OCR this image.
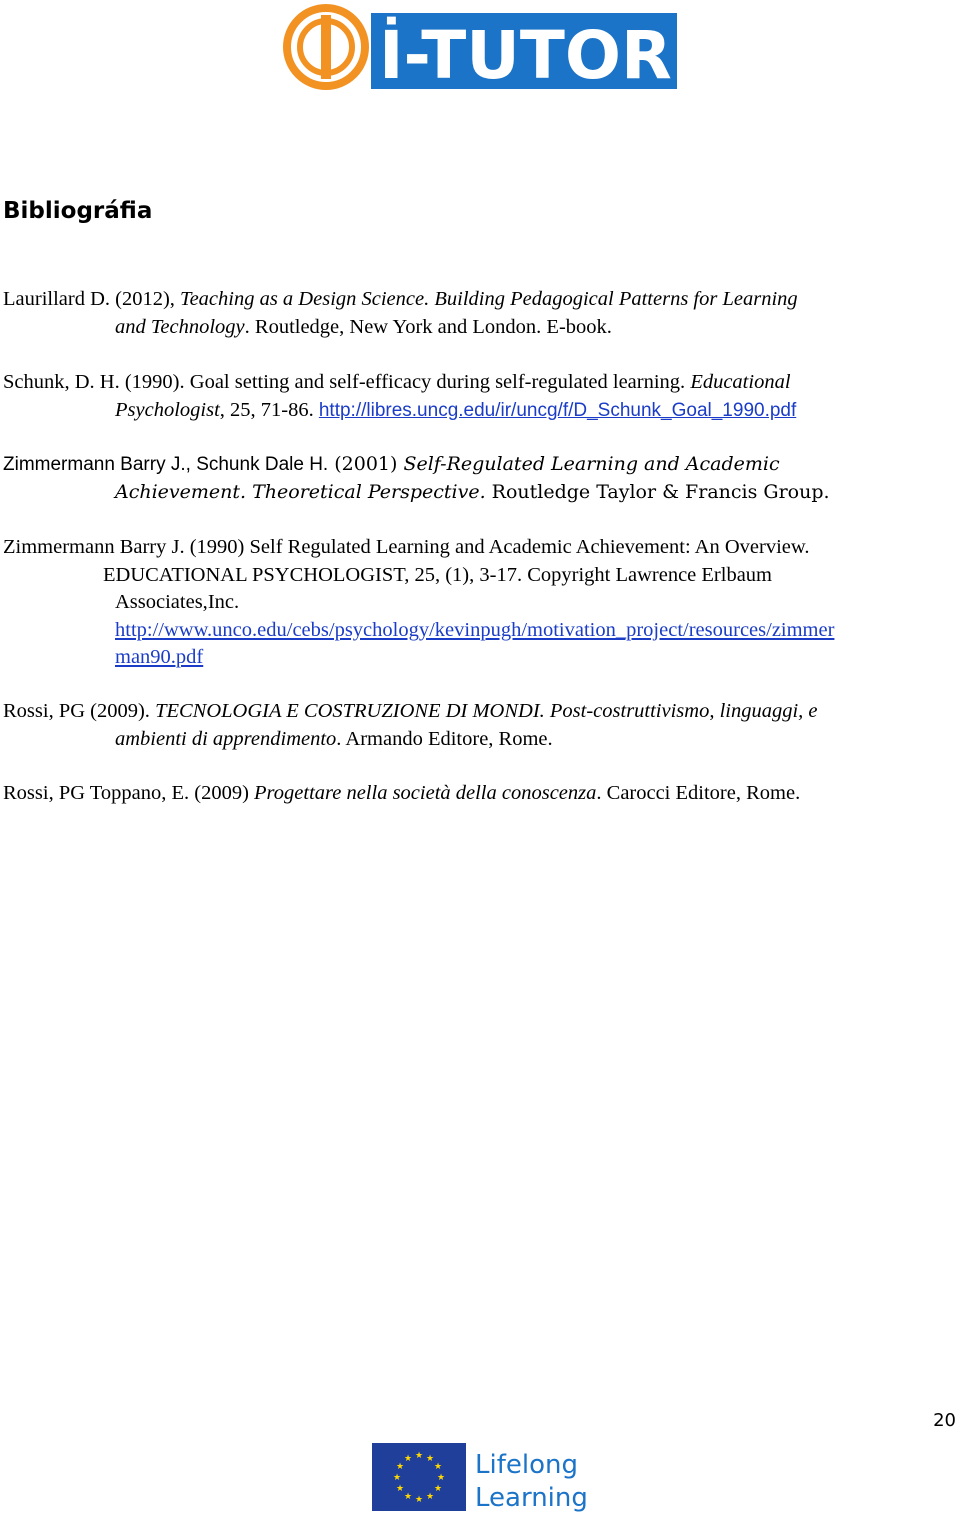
İ-TUTOR
Bibliográfia
Laurillard D. (2012), Teaching as a Design Science. Building Pedagogical Patterns for Learning
and Technology. Routledge, New York and London. E-book.
Schunk, D. H. (1990). Goal setting and self-efficacy during self-regulated learning. Educational
Psychologist, 25, 71-86. http://libres.uncg.edu/ir/uncg/f/D_Schunk_Goal_1990.pdf
Zimmermann Barry J., Schunk Dale H. (2001) Self-Regulated Learning and Academic
Achievement. Theoretical Perspective. Routledge Taylor & Francis Group.
Zimmermann Barry J. (1990) Self Regulated Learning and Academic Achievement: An Overview.
EDUCATIONAL PSYCHOLOGIST, 25, (1), 3-17. Copyright Lawrence Erlbaum
Associates,Inc.
http://www.unco.edu/cebs/psychology/kevinpugh/motivation_project/resources/zimmer
man90.pdf
Rossi, PG (2009). TECNOLOGIA E COSTRUZIONE DI MONDI. Post-costruttivismo, linguaggi, e
ambienti di apprendimento. Armando Editore, Rome.
Rossi, PG Toppano, E. (2009) Progettare nella società della conoscenza. Carocci Editore, Rome.
20
★ ★
★
★
★
★
★
★
★
★
★
★ Lifelong
Learning
